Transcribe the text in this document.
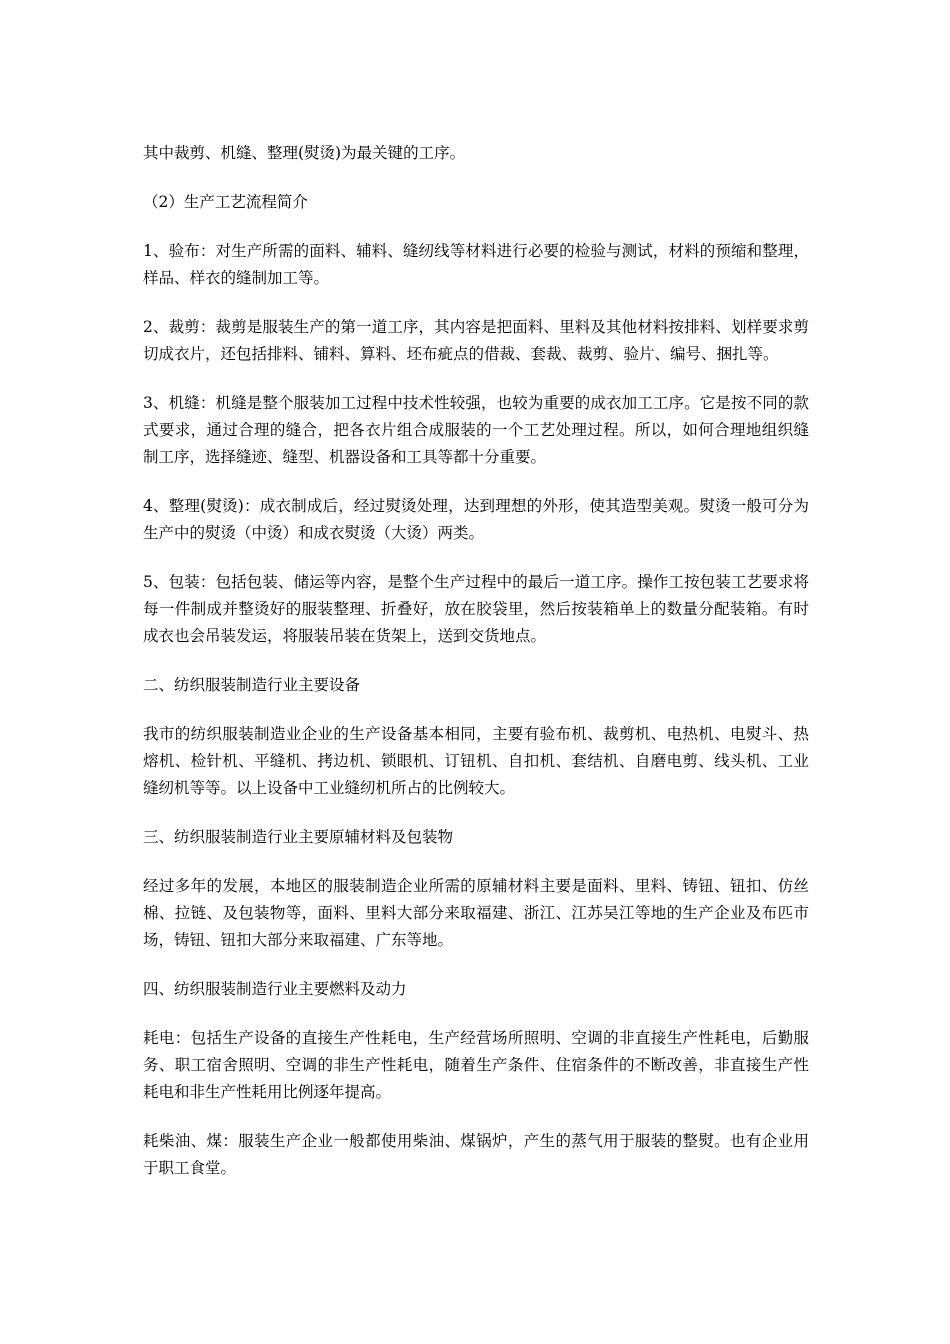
其中裁剪、机缝、整理(熨烫)为最关键的工序。

（2）生产工艺流程简介

1、验布：对生产所需的面料、辅料、缝纫线等材料进行必要的检验与测试，材料的预缩和整理，样品、样衣的缝制加工等。

2、裁剪：裁剪是服装生产的第一道工序，其内容是把面料、里料及其他材料按排料、划样要求剪切成衣片，还包括排料、铺料、算料、坯布疵点的借裁、套裁、裁剪、验片、编号、捆扎等。

3、机缝：机缝是整个服装加工过程中技术性较强，也较为重要的成衣加工工序。它是按不同的款式要求，通过合理的缝合，把各衣片组合成服装的一个工艺处理过程。所以，如何合理地组织缝制工序，选择缝迹、缝型、机器设备和工具等都十分重要。

4、整理(熨烫)：成衣制成后，经过熨烫处理，达到理想的外形，使其造型美观。熨烫一般可分为生产中的熨烫（中烫）和成衣熨烫（大烫）两类。

5、包装：包括包装、储运等内容，是整个生产过程中的最后一道工序。操作工按包装工艺要求将每一件制成并整烫好的服装整理、折叠好，放在胶袋里，然后按装箱单上的数量分配装箱。有时成衣也会吊装发运，将服装吊装在货架上，送到交货地点。

二、纺织服装制造行业主要设备

我市的纺织服装制造业企业的生产设备基本相同，主要有验布机、裁剪机、电热机、电熨斗、热熔机、检针机、平缝机、拷边机、锁眼机、订钮机、自扣机、套结机、自磨电剪、线头机、工业缝纫机等等。以上设备中工业缝纫机所占的比例较大。

三、纺织服装制造行业主要原辅材料及包装物

经过多年的发展，本地区的服装制造企业所需的原辅材料主要是面料、里料、铸钮、钮扣、仿丝棉、拉链、及包装物等，面料、里料大部分来取福建、浙江、江苏吴江等地的生产企业及布匹市场，铸钮、钮扣大部分来取福建、广东等地。

四、纺织服装制造行业主要燃料及动力

耗电：包括生产设备的直接生产性耗电，生产经营场所照明、空调的非直接生产性耗电，后勤服务、职工宿舍照明、空调的非生产性耗电，随着生产条件、住宿条件的不断改善，非直接生产性耗电和非生产性耗用比例逐年提高。

耗柴油、煤：服装生产企业一般都使用柴油、煤锅炉，产生的蒸气用于服装的整熨。也有企业用于职工食堂。
